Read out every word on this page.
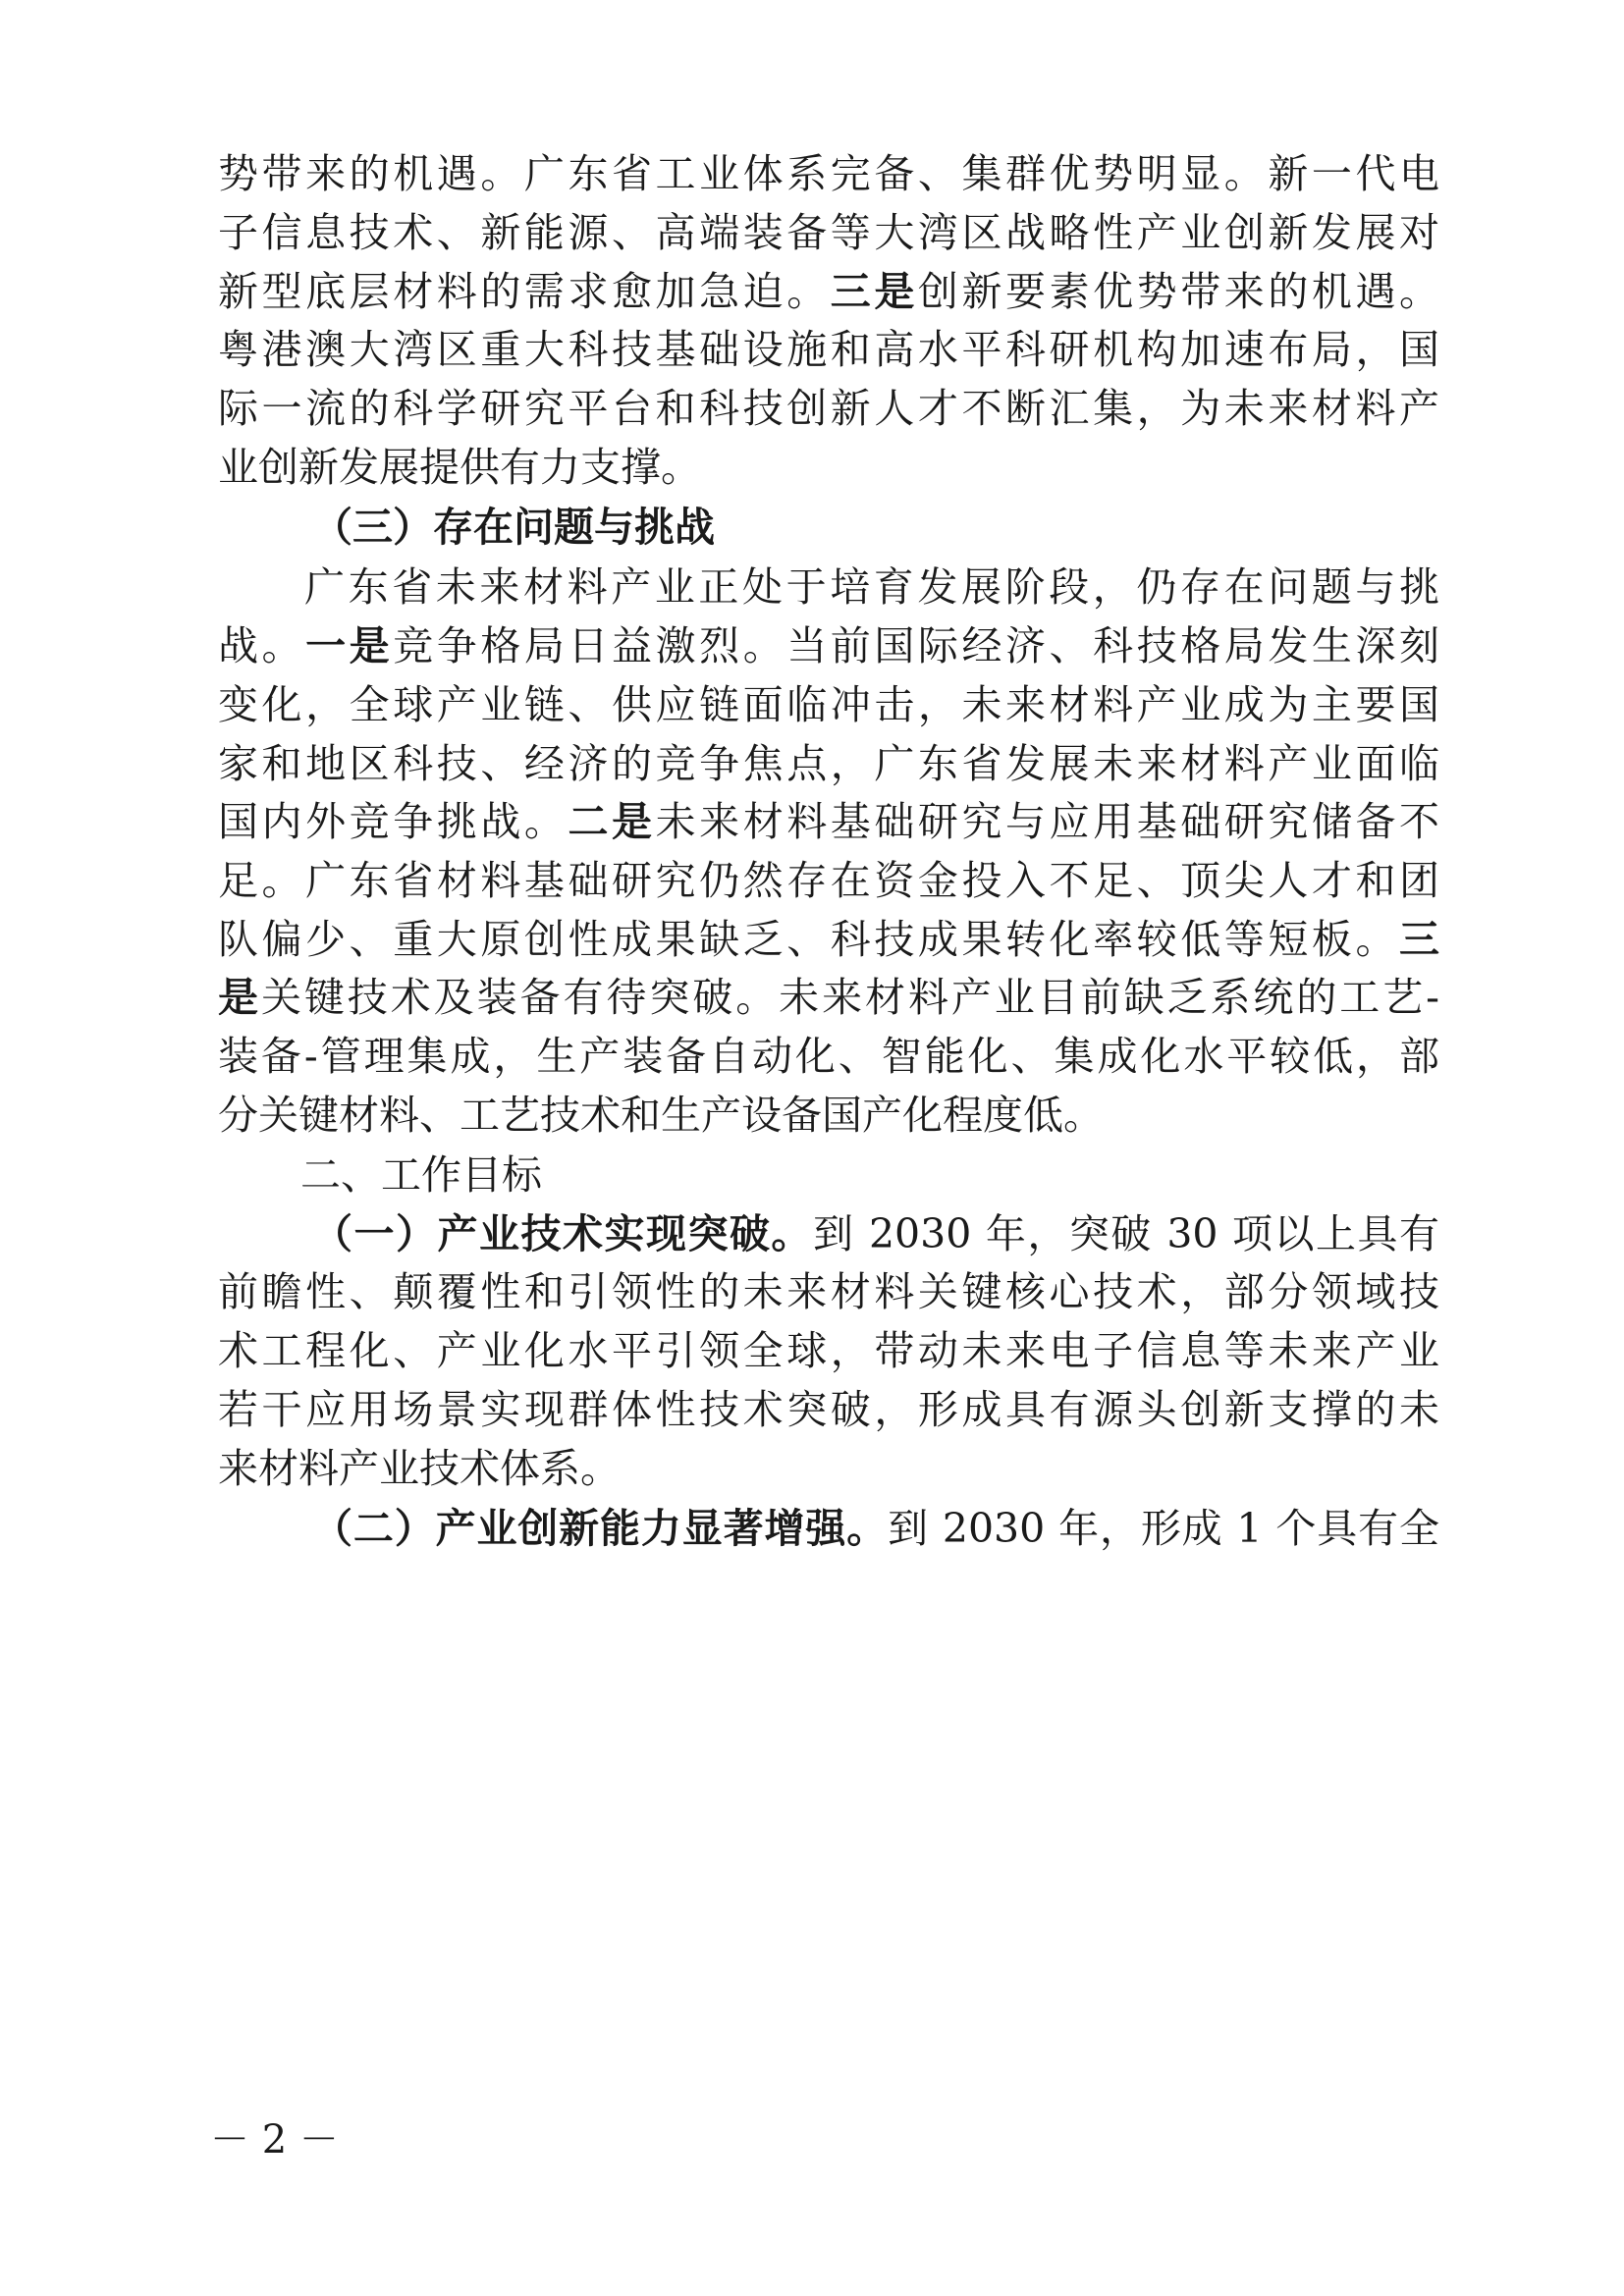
势带来的机遇。广东省工业体系完备、集群优势明显。新一代电
子信息技术、新能源、高端装备等大湾区战略性产业创新发展对
新型底层材料的需求愈加急迫。三是创新要素优势带来的机遇。
粤港澳大湾区重大科技基础设施和高水平科研机构加速布局，国
际一流的科学研究平台和科技创新人才不断汇集，为未来材料产
业创新发展提供有力支撑。
（三）存在问题与挑战
广东省未来材料产业正处于培育发展阶段，仍存在问题与挑
战。一是竞争格局日益激烈。当前国际经济、科技格局发生深刻
变化，全球产业链、供应链面临冲击，未来材料产业成为主要国
家和地区科技、经济的竞争焦点，广东省发展未来材料产业面临
国内外竞争挑战。二是未来材料基础研究与应用基础研究储备不
足。广东省材料基础研究仍然存在资金投入不足、顶尖人才和团
队偏少、重大原创性成果缺乏、科技成果转化率较低等短板。三
是关键技术及装备有待突破。未来材料产业目前缺乏系统的工艺-
装备-管理集成，生产装备自动化、智能化、集成化水平较低，部
分关键材料、工艺技术和生产设备国产化程度低。
二、工作目标
（一）产业技术实现突破。到 2030 年，突破 30 项以上具有
前瞻性、颠覆性和引领性的未来材料关键核心技术，部分领域技
术工程化、产业化水平引领全球，带动未来电子信息等未来产业
若干应用场景实现群体性技术突破，形成具有源头创新支撑的未
来材料产业技术体系。
（二）产业创新能力显著增强。到 2030 年，形成 1 个具有全
－ 2 －
